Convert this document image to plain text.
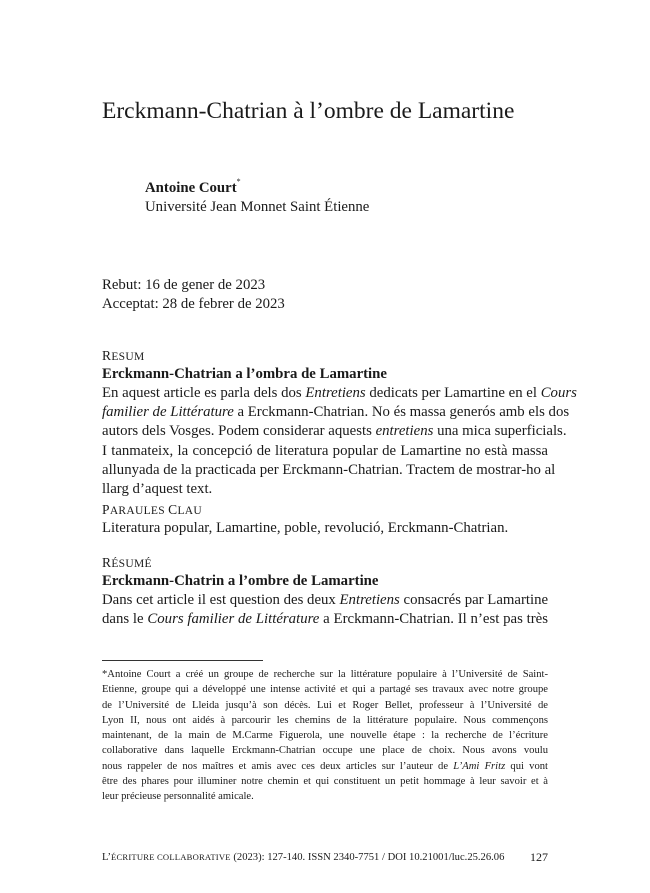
Erckmann-Chatrian à l’ombre de Lamartine
Antoine Court*
Université Jean Monnet Saint Étienne
Rebut: 16 de gener de 2023
Acceptat: 28 de febrer de 2023
RESUM
Erckmann-Chatrian a l’ombra de Lamartine
En aquest article es parla dels dos Entretiens dedicats per Lamartine en el Cours
familier de Littérature a Erckmann-Chatrian. No és massa generós amb els dos
autors dels Vosges. Podem considerar aquests entretiens una mica superficials.
I tanmateix, la concepció de literatura popular de Lamartine no està massa
allunyada de la practicada per Erckmann-Chatrian. Tractem de mostrar-ho al
llarg d’aquest text.
PARAULES CLAU
Literatura popular, Lamartine, poble, revolució, Erckmann-Chatrian.
RÉSUMÉ
Erckmann-Chatrin a l’ombre de Lamartine
Dans cet article il est question des deux Entretiens consacrés par Lamartine
dans le Cours familier de Littérature a Erckmann-Chatrian. Il n’est pas très
*Antoine Court a créé un groupe de recherche sur la littérature populaire à l’Université de Saint-
Etienne, groupe qui a développé une intense activité et qui a partagé ses travaux avec notre groupe
de l’Université de Lleida jusqu’à son décès. Lui et Roger Bellet, professeur à l’Université de
Lyon II, nous ont aidés à parcourir les chemins de la littérature populaire. Nous commençons
maintenant, de la main de M.Carme Figuerola, une nouvelle étape : la recherche de l’écriture
collaborative dans laquelle Erckmann-Chatrian occupe une place de choix. Nous avons voulu
nous rappeler de nos maîtres et amis avec ces deux articles sur l’auteur de L’Ami Fritz qui vont
être des phares pour illuminer notre chemin et qui constituent un petit hommage à leur savoir et à
leur précieuse personnalité amicale.
L’ÉCRITURE COLLABORATIVE (2023): 127-140. ISSN 2340-7751 / DOI 10.21001/luc.25.26.06 127
